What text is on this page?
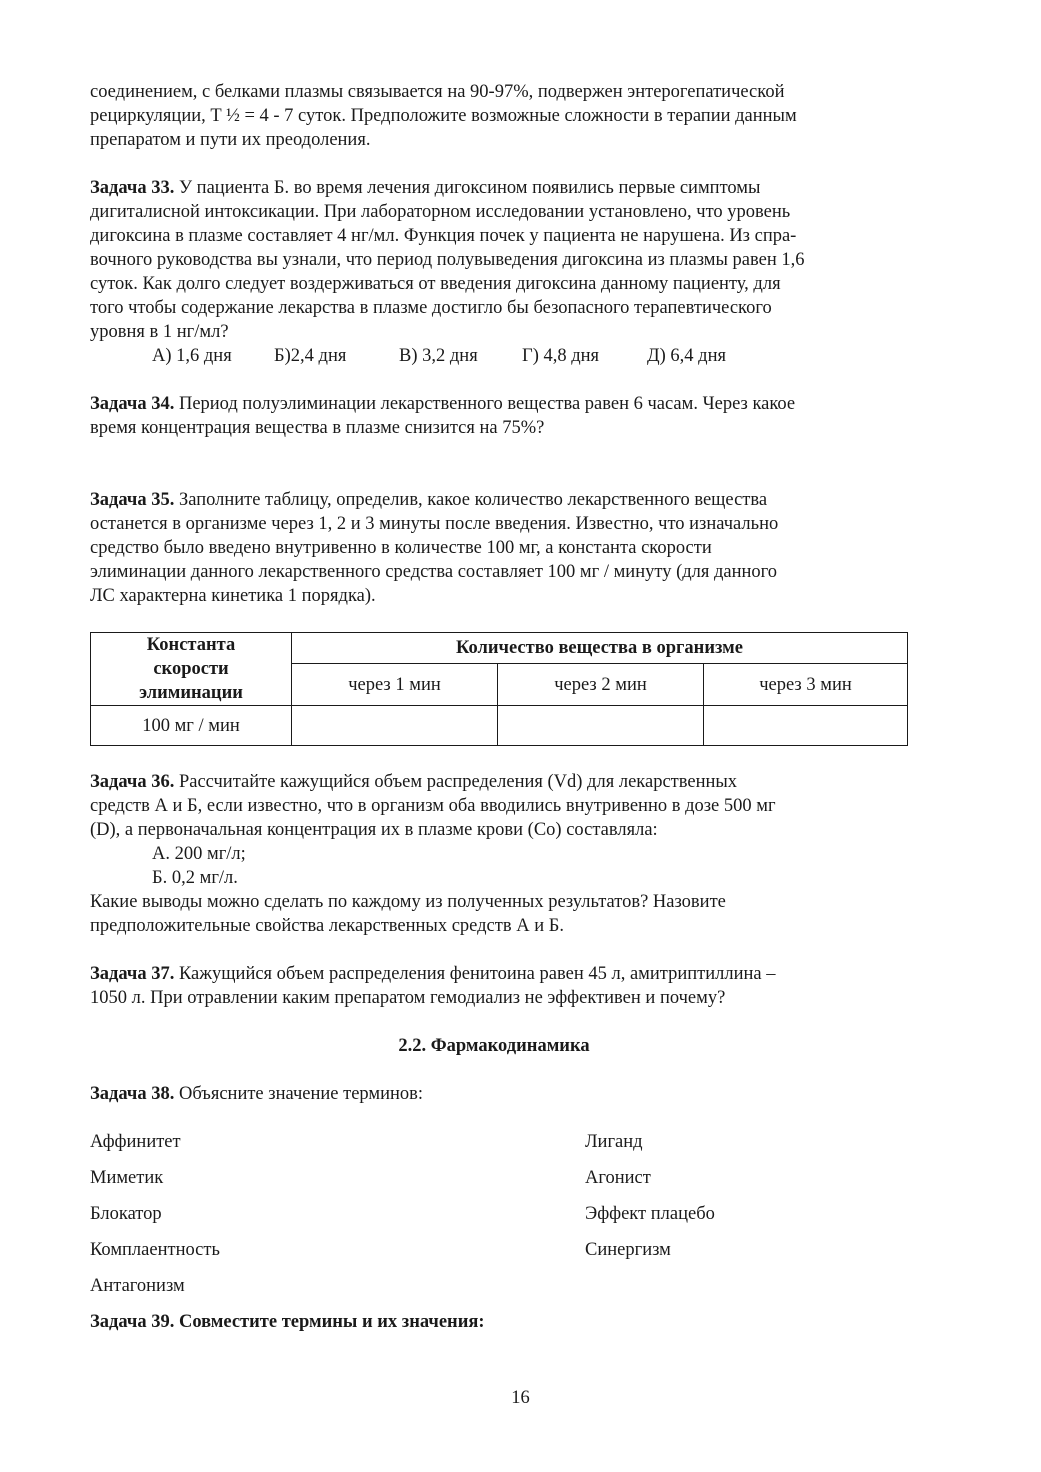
соединением, с белками плазмы связывается на 90-97%, подвержен энтерогепатической

рециркуляции, T ½ = 4 - 7 суток. Предположите возможные сложности в терапии данным

препаратом и пути их преодоления.

Задача 33. У пациента Б. во время лечения дигоксином появились первые симптомы

дигиталисной интоксикации. При лабораторном исследовании установлено, что уровень

дигоксина в плазме составляет 4 нг/мл. Функция почек у пациента не нарушена. Из спра-

вочного руководства вы узнали, что период полувыведения дигоксина из плазмы равен 1,6

суток. Как долго следует воздерживаться от введения дигоксина данному пациенту, для

того чтобы содержание лекарства в плазме достигло бы безопасного терапевтического

уровня в 1 нг/мл?

А) 1,6 дня	Б)2,4 дня	В) 3,2 дня	Г) 4,8 дня	Д) 6,4 дня

Задача 34. Период полуэлиминации лекарственного вещества равен 6 часам. Через какое

время концентрация вещества в плазме снизится на 75%?

Задача 35. Заполните таблицу, определив, какое количество лекарственного вещества

останется в организме через 1, 2 и 3 минуты после введения. Известно, что изначально

средство было введено внутривенно в количестве 100 мг, а константа скорости

элиминации данного лекарственного средства составляет 100 мг / минуту (для данного

ЛС характерна кинетика 1 порядка).

Константа
скорости
элиминации	Количество вещества в организме		
	через 1 мин	через 2 мин	через 3 мин
100 мг / мин			

Задача 36. Рассчитайте кажущийся объем распределения (Vd) для лекарственных

средств А и Б, если известно, что в организм оба вводились внутривенно в дозе 500 мг

(D), а первоначальная концентрация их в плазме крови (Co) составляла:

А. 200 мг/л;

Б. 0,2 мг/л.

Какие выводы можно сделать по каждому из полученных результатов? Назовите

предположительные свойства лекарственных средств А и Б.

Задача 37. Кажущийся объем распределения фенитоина равен 45 л, амитриптиллина –

1050 л. При отравлении каким препаратом гемодиализ не эффективен и почему?

2.2. Фармакодинамика

Задача 38. Объясните значение терминов:

Аффинитет	Лиганд
Миметик	Агонист
Блокатор	Эффект плацебо
Комплаентность	Синергизм
Антагонизм

Задача 39. Совместите термины и их значения:

16
